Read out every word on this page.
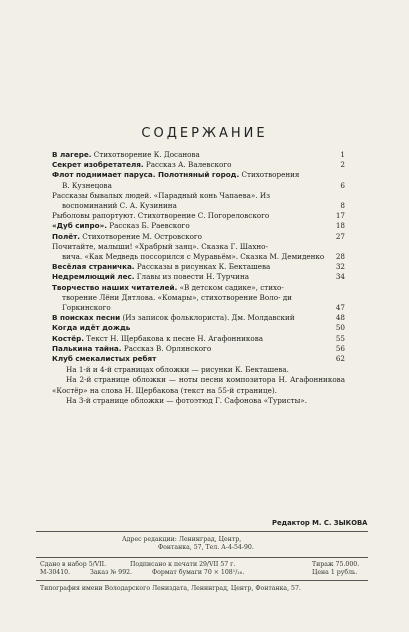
СОДЕРЖАНИЕ
В лагере. Стихотворение К. Досанова	1
Секрет изобретателя. Рассказ А. Валевского	2
Флот поднимает паруса. Полотняный город. Стихотворения
В. Кузнецова	6
Рассказы бывалых людей. «Парадный конь Чапаева». Из
воспоминаний С. А. Кузинина	8
Рыболовы рапортуют. Стихотворение С. Погореловского	17
«Дуб сипро». Рассказ Б. Раевского	18
Полёт. Стихотворение М. Островского	27
Почитайте, малыши! «Храбрый заяц». Сказка Г. Шахно-
вича. «Как Медведь поссорился с Муравьём». Сказка М. Демиденко	28
Весёлая страничка. Рассказы в рисунках К. Бекташева	32
Недремлющий лес. Главы из повести Н. Турчина	34
Творчество наших читателей. «В детском садике», стихо-
творение Лёни Дятлова. «Комары», стихотворение Воло- ди Горкинского	47
В поисках песни (Из записок фольклориста). Дм. Молдавский	48
Когда идёт дождь	50
Костёр. Текст Н. Щербакова к песне Н. Агафонникова	55
Палькина тайна. Рассказ В. Орлянского	56
Клуб смекалистых ребят	62
На 1-й и 4-й страницах обложки — рисунки К. Бекташева.
На 2-й странице обложки — ноты песни композитора Н. Агафонникова «Костёр» на слова Н. Щербакова (текст на 55-й странице).
На 3-й странице обложки — фотоэтюд Г. Сафонова «Туристы».
Редактор М. С. ЗЫКОВА
Адрес редакции: Ленинград, Центр,
Фонтанка, 57, Тел. А-4-54-90.
Сдано в набор 5/VII.	Подписано к печати 29/VII 57 г.	Тираж 75.000.
М-30410.	Заказ № 992.	Формат бумаги 70 × 108¹/₁₆.	Цена 1 рубль.
Типография имени Володарского Лениздата, Ленинград, Центр, Фонтанка, 57.
